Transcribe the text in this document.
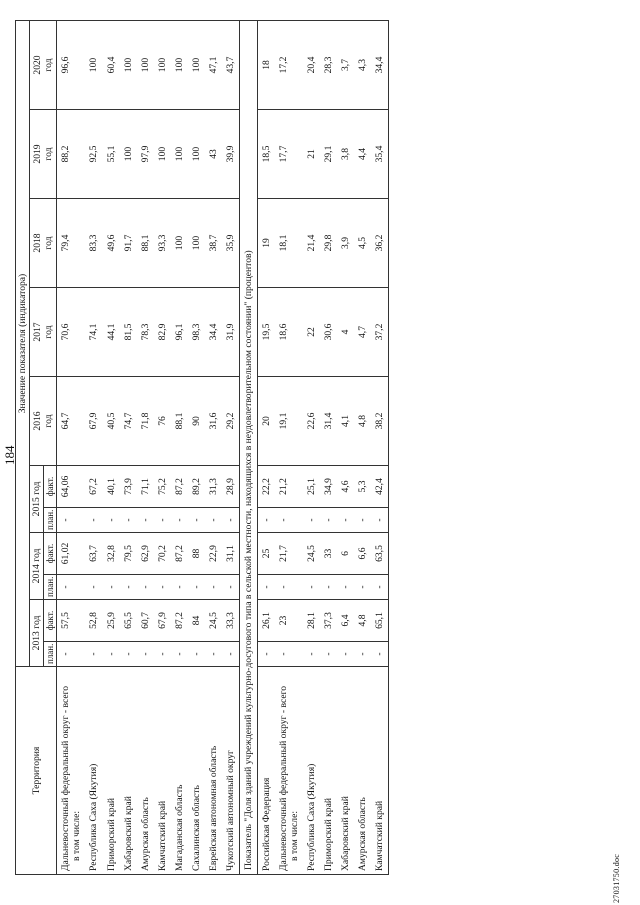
184
Территория	Значение показателя (индикатора)										
	2013 год		2014 год		2015 год		2016
год	2017
год	2018
год	2019
год	2020
год
	план.	факт.	план.	факт.	план.	факт.					
Дальневосточный федеральный округ - всего
в том числе:	-	57,5	-	61,02	-	64,06	64,7	70,6	79,4	88,2	96,6
Республика Саха (Якутия)	-	52,8	-	63,7	-	67,2	67,9	74,1	83,3	92,5	100
Приморский край	-	25,9	-	32,8	-	40,1	40,5	44,1	49,6	55,1	60,4
Хабаровский край	-	65,5	-	79,5	-	73,9	74,7	81,5	91,7	100	100
Амурская область	-	60,7	-	62,9	-	71,1	71,8	78,3	88,1	97,9	100
Камчатский край	-	67,9	-	70,2	-	75,2	76	82,9	93,3	100	100
Магаданская область	-	87,2	-	87,2	-	87,2	88,1	96,1	100	100	100
Сахалинская область	-	84	-	88	-	89,2	90	98,3	100	100	100
Еврейская автономная область	-	24,5	-	22,9	-	31,3	31,6	34,4	38,7	43	47,1
Чукотский автономный округ	-	33,3	-	31,1	-	28,9	29,2	31,9	35,9	39,9	43,7
Показатель "Доля зданий учреждений культурно-досугового типа в сельской местности, находящихся в неудовлетворительном состоянии" (процентов)											
Российская Федерация	-	26,1	-	25	-	22,2	20	19,5	19	18,5	18
Дальневосточный федеральный округ - всего
в том числе:	-	23	-	21,7	-	21,2	19,1	18,6	18,1	17,7	17,2
Республика Саха (Якутия)	-	28,1	-	24,5	-	25,1	22,6	22	21,4	21	20,4
Приморский край	-	37,3	-	33	-	34,9	31,4	30,6	29,8	29,1	28,3
Хабаровский край	-	6,4	-	6	-	4,6	4,1	4	3,9	3,8	3,7
Амурская область	-	4,8	-	6,6	-	5,3	4,8	4,7	4,5	4,4	4,3
Камчатский край	-	65,1	-	63,5	-	42,4	38,2	37,2	36,2	35,4	34,4
27031750.doc
